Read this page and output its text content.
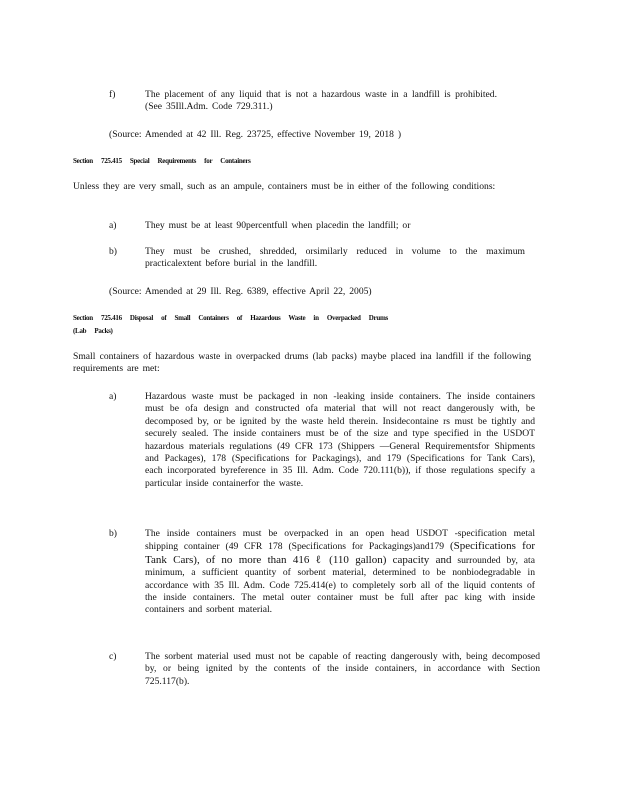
f)	The placement of any liquid that is not a hazardous waste in a landfill is prohibited. (See 35Ill.Adm. Code 729.311.)
(Source: Amended at 42 Ill. Reg. 23725, effective November 19, 2018 )
Section 725.415 Special Requirements for Containers
Unless they are very small, such as an ampule, containers must be in either of the following conditions:
a)	They must be at least 90percentfull when placedin the landfill; or
b)	They must be crushed, shredded, orsimilarly reduced in volume to the maximum practicalextent before burial in the landfill.
(Source: Amended at 29 Ill. Reg. 6389, effective April 22, 2005)
Section 725.416 Disposal of Small Containers of Hazardous Waste in Overpacked Drums
(Lab Packs)
Small containers of hazardous waste in overpacked drums (lab packs) maybe placed ina landfill if the following requirements are met:
a)	Hazardous waste must be packaged in non -leaking inside containers. The inside containers must be ofa design and constructed ofa material that will not react dangerously with, be decomposed by, or be ignited by the waste held therein. Insidecontaine rs must be tightly and securely sealed. The inside containers must be of the size and type specified in the USDOT hazardous materials regulations (49 CFR 173 (Shippers —General Requirementsfor Shipments and Packages), 178 (Specifications for Packagings), and 179 (Specifications for Tank Cars), each incorporated byreference in 35 Ill. Adm. Code 720.111(b)), if those regulations specify a particular inside containerfor the waste.
b)	The inside containers must be overpacked in an open head USDOT -specification metal shipping container (49 CFR 178 (Specifications for Packagings)and179 (Specifications for Tank Cars), of no more than 416 ℓ (110 gallon) capacity and surrounded by, ata minimum, a sufficient quantity of sorbent material, determined to be nonbiodegradable in accordance with 35 Ill. Adm. Code 725.414(e) to completely sorb all of the liquid contents of the inside containers. The metal outer container must be full after pac king with inside containers and sorbent material.
c)	The sorbent material used must not be capable of reacting dangerously with, being decomposed by, or being ignited by the contents of the inside containers, in accordance with Section 725.117(b).
